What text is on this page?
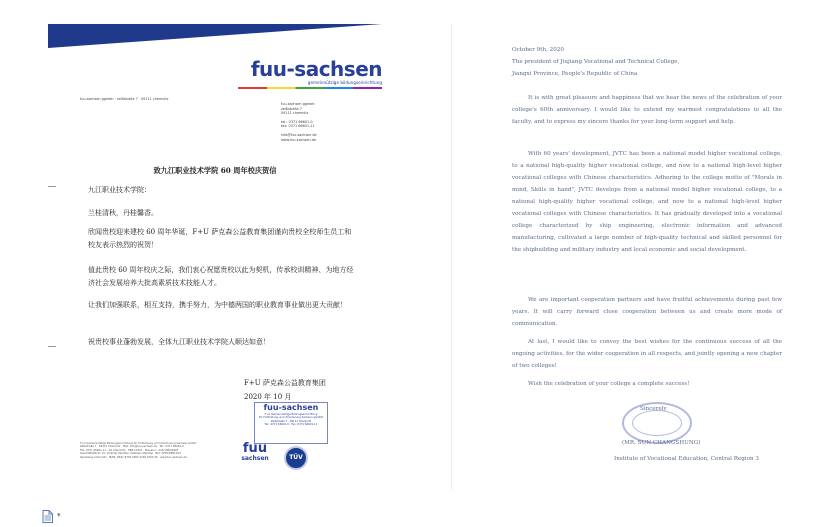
fuu-sachsen
gemeinnützige bildungseinrichtung
fuu-sachsen ggmbh · zeißstraße 7 · 09111 chemnitz
fuu-sachsen ggmbh
zeißstraße 7
09111 chemnitz
tel.: 0371 66601-0
fax: 0371 66601-11
info@fuu-sachsen.de
www.fuu-sachsen.de
致九江职业技术学院 60 周年校庆贺信
九江职业技术学院：
兰桂清秋，丹桂馨香。
欣闻贵校迎来建校 60 周年华诞，F+U 萨克森公益教育集团谨向贵校全校师生员工和校友表示热烈的祝贺！
值此贵校 60 周年校庆之际，我们衷心祝愿贵校以此为契机，传承校训精神、为地方经济社会发展培养大批高素质技术技能人才。
让我们加强联系，相互支持，携手努力，为中德两国的职业教育事业做出更大贡献！
祝贵校事业蓬勃发展，全体九江职业技术学院人顺达如意！
F+U 萨克森公益教育集团
2020 年 10 月
fuu-sachsen
F+U Gemeinnützige Bildungseinrichtung
für Fortbildung und Umschulung Sachsen gGmbH
Zeißstraße 7 · 09111 Chemnitz
Tel.: 0371 66601-0 · Fax: 0371 66601-11
F+U Gemeinnützige Bildungseinrichtung für Fortbildung und Umschulung Sachsen GmbH
Zeißstraße 7 · 09111 Chemnitz · Mail: info@fuu-sachsen.de · Tel.: 0371 66601-0
Fax: 0371 66601-11 · AG Chemnitz · HRB 12451 · Steuernr.: 215/108/00903
Geschäftsführer: Dr. Volkmar Manthei, Kathleen Manthei · BIC: CHEKDE81XXX
Sparkasse Chemnitz · IBAN: DE41 8705 0000 3148 0100 45 · www.fuu-sachsen.de
fuu
sachsen	TÜV
October 9th, 2020
The president of Jiujiang Vocational and Technical College,
Jiangxi Province, People's Republic of China
It is with great pleasure and happiness that we hear the news of the celebration of your college's 60th anniversary. I would like to extend my warmest congratulations to all the faculty, and to express my sincere thanks for your long-term support and help.
With 60 years' development, JVTC has been a national model higher vocational college, to a national high-quality higher vocational college, and now to a national high-level higher vocational colleges with Chinese characteristics. Adhering to the college motto of "Morals in mind, Skills in hand", JVTC develops from a national model higher vocational college, to a national high-quality higher vocational college, and now to a national high-level higher vocational colleges with Chinese characteristics. It has gradually developed into a vocational college characterized by ship engineering, electronic information and advanced manufacturing, cultivated a large number of high-quality technical and skilled personnel for the shipbuilding and military industry and local economic and social development.
We are important cooperation partners and have fruitful achievements during past few years. It will carry forward close cooperation between us and create more mode of communication.
At last, I would like to convey the best wishes for the continuous success of all the ongoing activities, for the wider cooperation in all respects, and jointly opening a new chapter of two colleges!
Wish the celebration of your college a complete success!
Sincerely
(MR. SUN CHANGSHUNG)
Institute of Vocational Education, Central Region 3
▾
